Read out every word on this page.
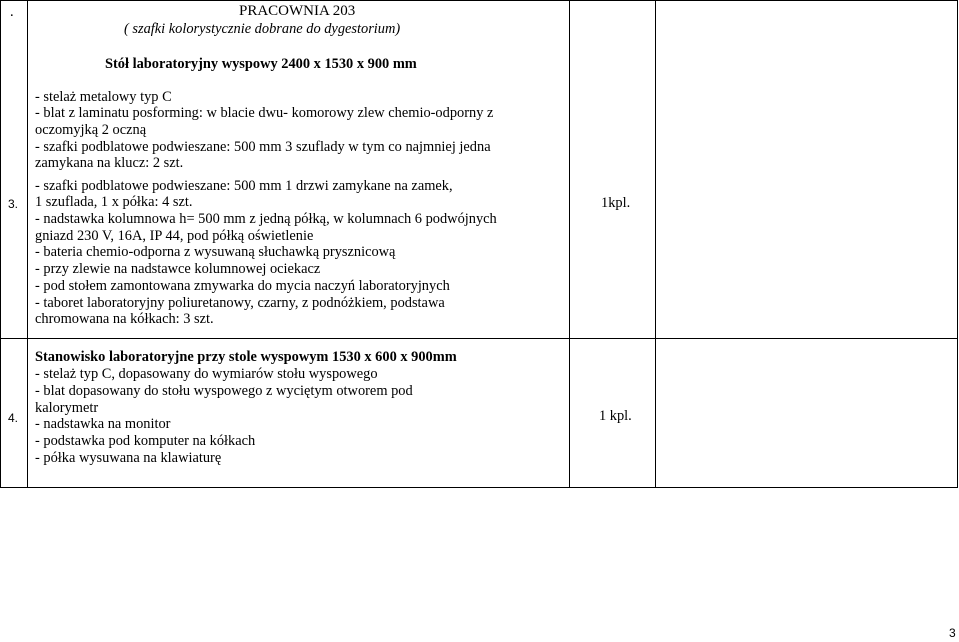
.	PRACOWNIA 203
( szafki kolorystycznie dobrane do dygestorium)
Stół laboratoryjny wyspowy 2400 x 1530 x 900 mm
3.
- stelaż metalowy typ C
- blat z laminatu posforming: w blacie dwu- komorowy zlew chemio-odporny z
oczomyjką 2 oczną
- szafki podblatowe podwieszane: 500 mm 3 szuflady w tym co najmniej jedna
zamykana na klucz: 2 szt.
- szafki podblatowe podwieszane: 500 mm 1 drzwi zamykane na zamek,
1 szuflada, 1 x półka: 4 szt.
- nadstawka kolumnowa h= 500 mm z jedną półką, w kolumnach 6 podwójnych
gniazd 230 V, 16A, IP 44, pod półką oświetlenie
- bateria chemio-odporna z wysuwaną słuchawką prysznicową
- przy zlewie na nadstawce kolumnowej ociekacz
- pod stołem zamontowana zmywarka do mycia naczyń laboratoryjnych
- taboret laboratoryjny poliuretanowy, czarny, z podnóżkiem, podstawa
chromowana na kółkach: 3 szt.
1kpl.
4.
Stanowisko laboratoryjne przy stole wyspowym 1530 x 600 x 900mm
- stelaż typ C, dopasowany do wymiarów stołu wyspowego
- blat dopasowany do stołu wyspowego z wyciętym otworem pod
kalorymetr
- nadstawka na monitor
- podstawka pod komputer na kółkach
- półka wysuwana na klawiaturę
1 kpl.
3
